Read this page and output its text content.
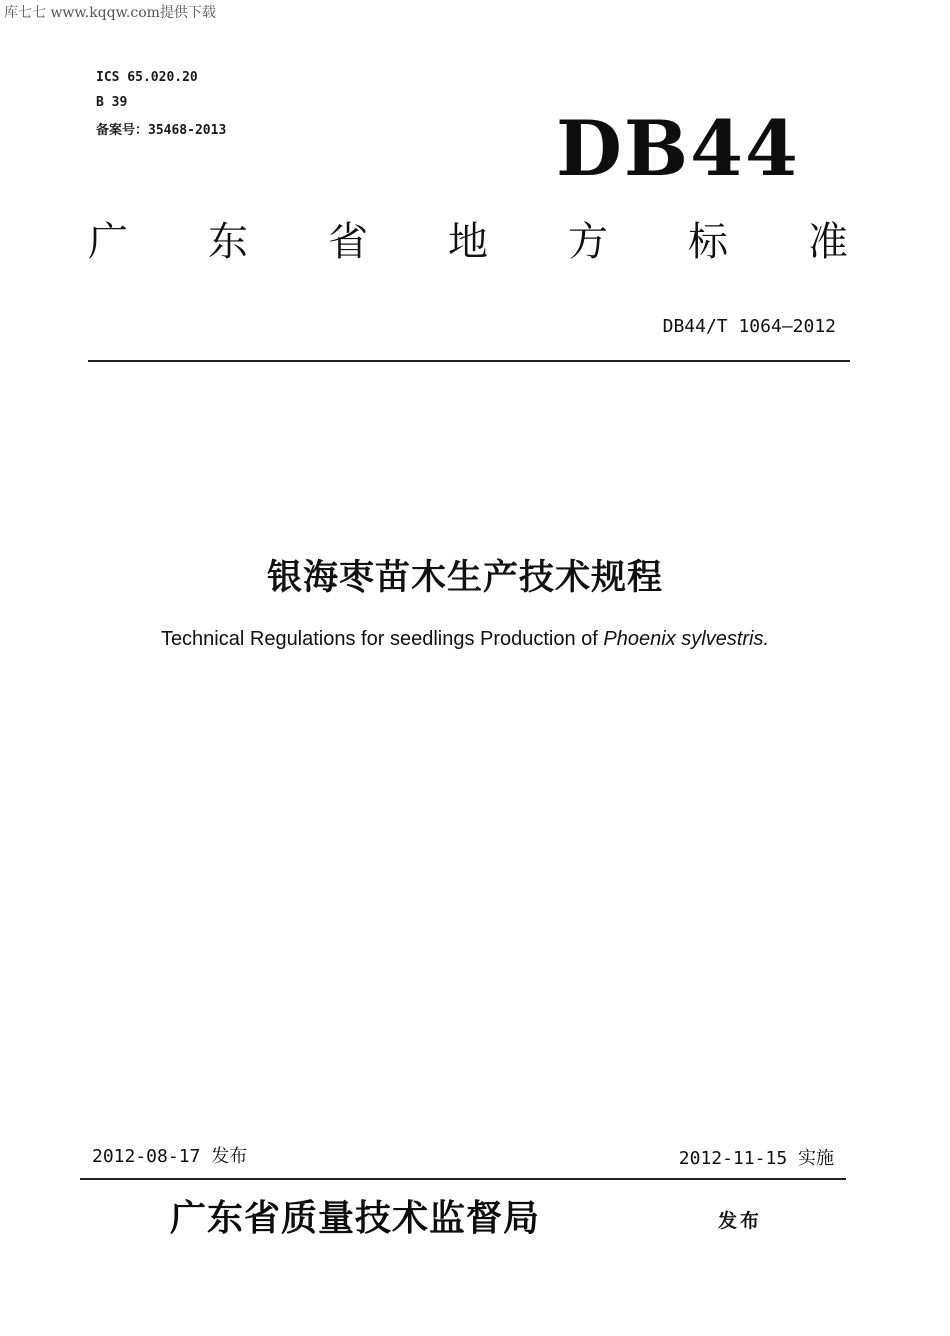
库七七 www.kqqw.com提供下载
ICS 65.020.20
B 39
备案号：35468-2013	DB44
广 东 省 地 方 标 准
DB44/T 1064—2012
银海枣苗木生产技术规程
Technical Regulations for seedlings Production of Phoenix sylvestris.
2012-08-17 发布	2012-11-15 实施
广东省质量技术监督局	发布
